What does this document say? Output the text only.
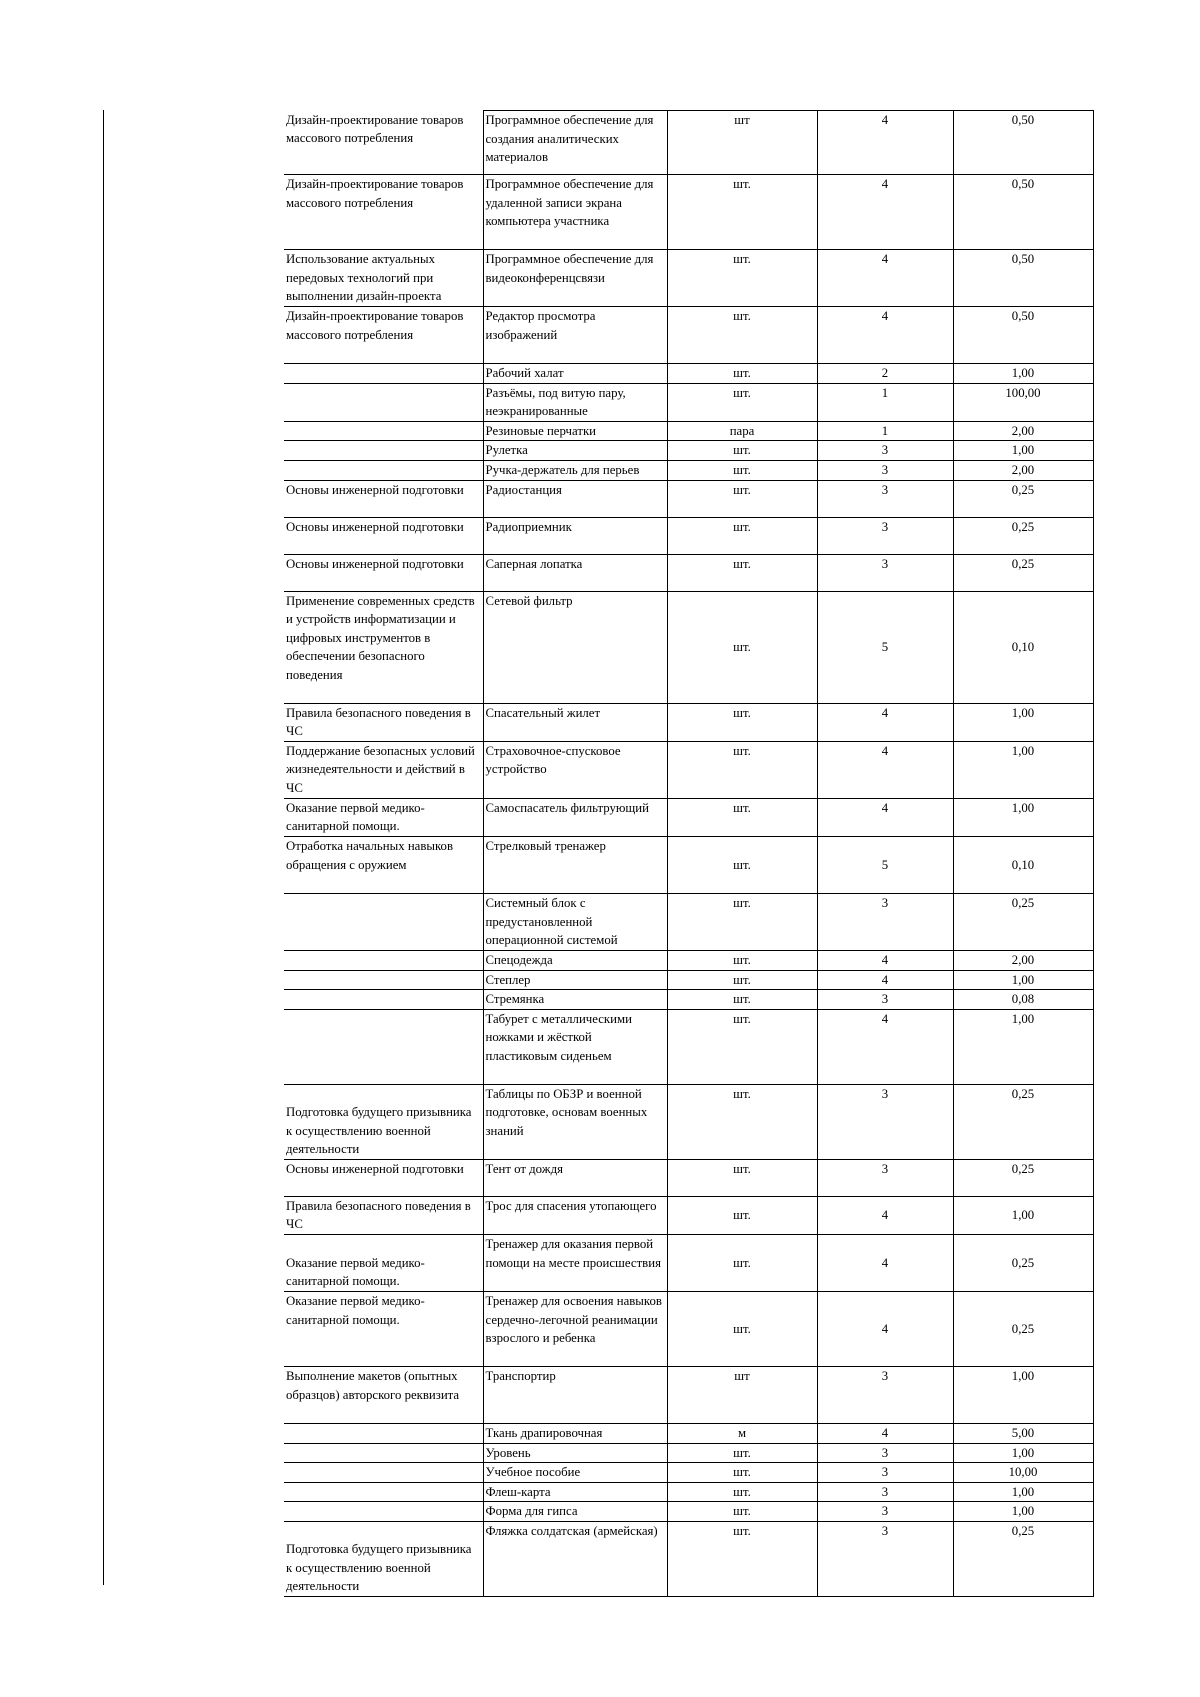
Дизайн-проектирование товаров массового потребления	Программное обеспечение для создания аналитических материалов	шт	4	0,50
Дизайн-проектирование товаров массового потребления	Программное обеспечение для удаленной записи экрана компьютера участника	шт.	4	0,50
Использование актуальных передовых технологий при выполнении дизайн-проекта	Программное обеспечение для видеоконференцсвязи	шт.	4	0,50
Дизайн-проектирование товаров массового потребления	Редактор просмотра изображений	шт.	4	0,50
	Рабочий халат	шт.	2	1,00
	Разъёмы, под витую пару, неэкранированные	шт.	1	100,00
	Резиновые перчатки	пара	1	2,00
	Рулетка	шт.	3	1,00
	Ручка-держатель для перьев	шт.	3	2,00
Основы инженерной подготовки	Радиостанция	шт.	3	0,25
Основы инженерной подготовки	Радиоприемник	шт.	3	0,25
Основы инженерной подготовки	Саперная лопатка	шт.	3	0,25
Применение современных средств и устройств информатизации и цифровых инструментов в обеспечении безопасного поведения	Сетевой фильтр	шт.	5	0,10
Правила безопасного поведения в ЧС	Спасательный жилет	шт.	4	1,00
Поддержание безопасных условий жизнедеятельности и действий в ЧС	Страховочное-спусковое устройство	шт.	4	1,00
Оказание первой медико-санитарной помощи.	Самоспасатель фильтрующий	шт.	4	1,00
Отработка начальных навыков обращения с оружием	Стрелковый тренажер	шт.	5	0,10
	Системный блок с предустановленной операционной системой	шт.	3	0,25
	Спецодежда	шт.	4	2,00
	Степлер	шт.	4	1,00
	Стремянка	шт.	3	0,08
	Табурет с металлическими ножками и жёсткой пластиковым сиденьем	шт.	4	1,00
Подготовка будущего призывника к осуществлению военной деятельности	Таблицы по ОБЗР и военной подготовке, основам военных знаний	шт.	3	0,25
Основы инженерной подготовки	Тент от дождя	шт.	3	0,25
Правила безопасного поведения в ЧС	Трос для спасения утопающего	шт.	4	1,00
Оказание первой медико-санитарной помощи.	Тренажер для оказания первой помощи на месте происшествия	шт.	4	0,25
Оказание первой медико-санитарной помощи.	Тренажер для освоения навыков сердечно-легочной реанимации взрослого и ребенка	шт.	4	0,25
Выполнение макетов (опытных образцов) авторского реквизита	Транспортир	шт	3	1,00
	Ткань драпировочная	м	4	5,00
	Уровень	шт.	3	1,00
	Учебное пособие	шт.	3	10,00
	Флеш-карта	шт.	3	1,00
	Форма для гипса	шт.	3	1,00
Подготовка будущего призывника к осуществлению военной деятельности	Фляжка солдатская (армейская)	шт.	3	0,25
